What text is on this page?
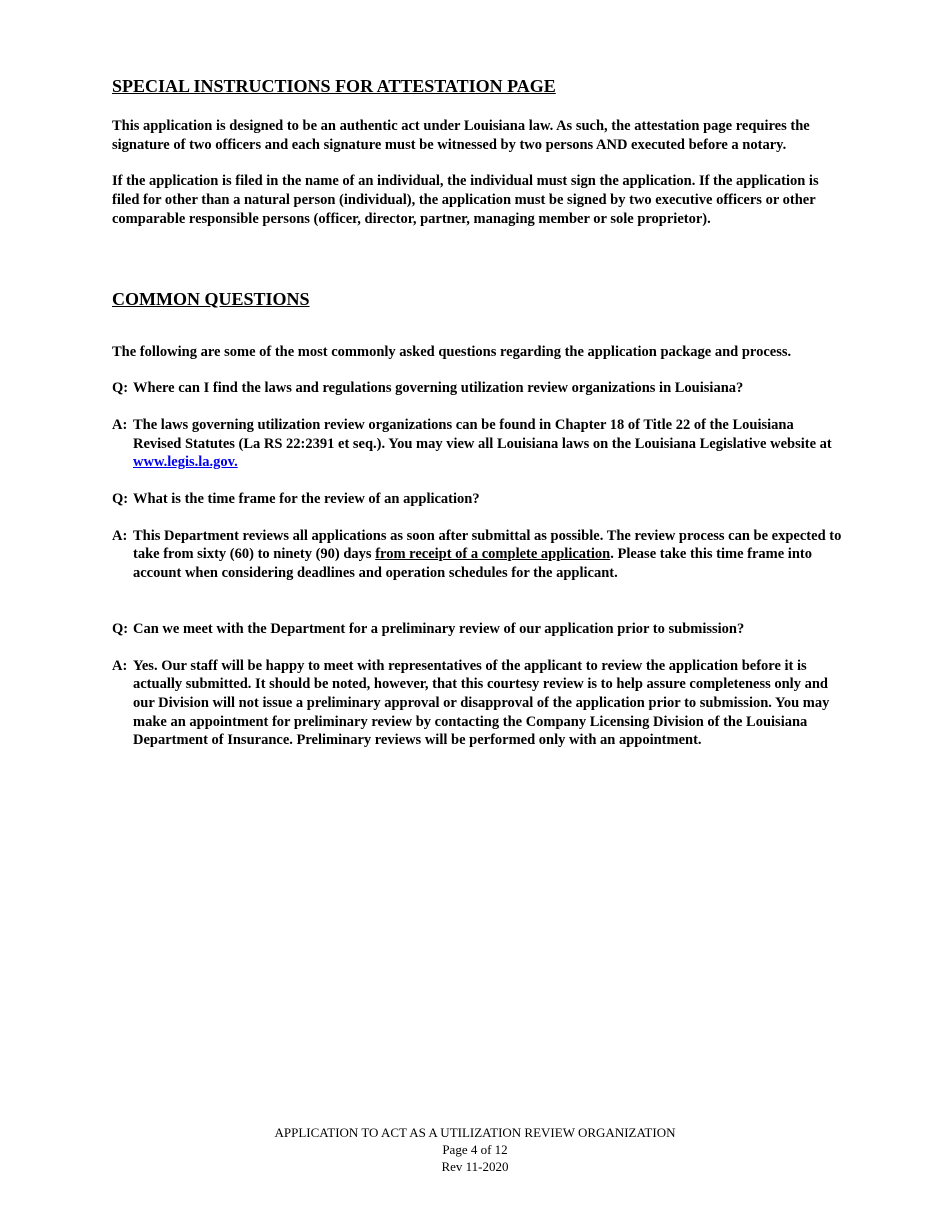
SPECIAL INSTRUCTIONS FOR ATTESTATION PAGE

This application is designed to be an authentic act under Louisiana law. As such, the attestation page requires the signature of two officers and each signature must be witnessed by two persons AND executed before a notary.

If the application is filed in the name of an individual, the individual must sign the application. If the application is filed for other than a natural person (individual), the application must be signed by two executive officers or other comparable responsible persons (officer, director, partner, managing member or sole proprietor).

COMMON QUESTIONS

The following are some of the most commonly asked questions regarding the application package and process.

Q: Where can I find the laws and regulations governing utilization review organizations in Louisiana?
A: The laws governing utilization review organizations can be found in Chapter 18 of Title 22 of the Louisiana Revised Statutes (La RS 22:2391 et seq.). You may view all Louisiana laws on the Louisiana Legislative website at www.legis.la.gov.
Q: What is the time frame for the review of an application?
A: This Department reviews all applications as soon after submittal as possible. The review process can be expected to take from sixty (60) to ninety (90) days from receipt of a complete application. Please take this time frame into account when considering deadlines and operation schedules for the applicant.
Q: Can we meet with the Department for a preliminary review of our application prior to submission?
A: Yes. Our staff will be happy to meet with representatives of the applicant to review the application before it is actually submitted. It should be noted, however, that this courtesy review is to help assure completeness only and our Division will not issue a preliminary approval or disapproval of the application prior to submission. You may make an appointment for preliminary review by contacting the Company Licensing Division of the Louisiana Department of Insurance. Preliminary reviews will be performed only with an appointment.
APPLICATION TO ACT AS A UTILIZATION REVIEW ORGANIZATION
Page 4 of 12
Rev 11-2020
